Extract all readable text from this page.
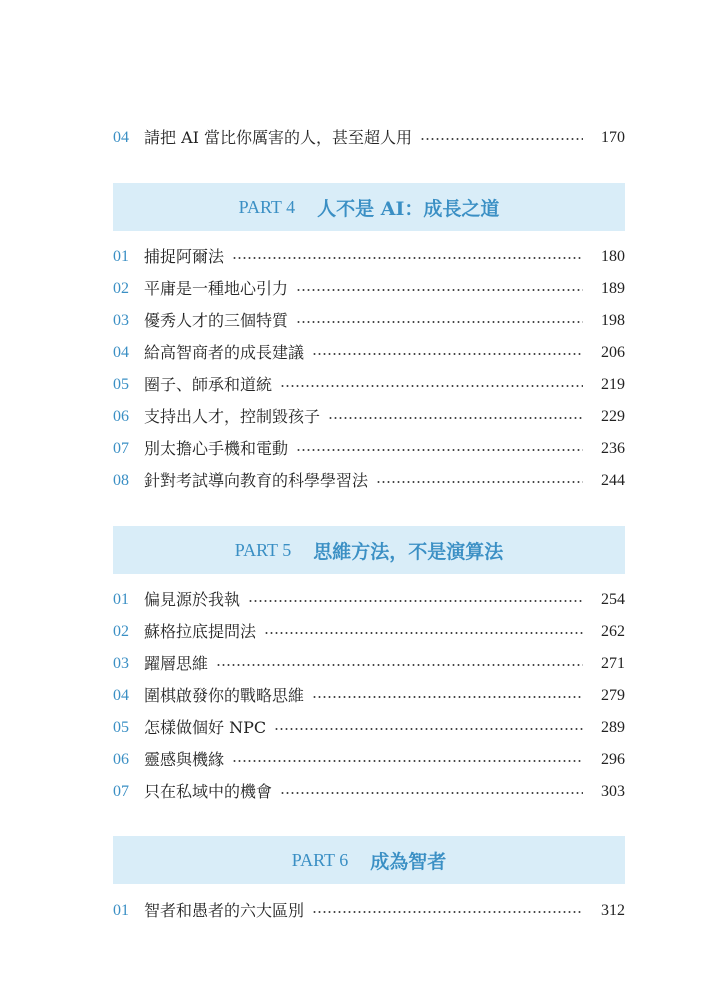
04 請把 AI 當比你厲害的人，甚至超人用	170
PART 4 人不是 AI：成長之道
01 捕捉阿爾法	180
02 平庸是一種地心引力	189
03 優秀人才的三個特質	198
04 給高智商者的成長建議	206
05 圈子、師承和道統	219
06 支持出人才，控制毀孩子	229
07 別太擔心手機和電動	236
08 針對考試導向教育的科學學習法	244
PART 5 思維方法，不是演算法
01 偏見源於我執	254
02 蘇格拉底提問法	262
03 躍層思維	271
04 圍棋啟發你的戰略思維	279
05 怎樣做個好 NPC	289
06 靈感與機緣	296
07 只在私域中的機會	303
PART 6 成為智者
01 智者和愚者的六大區別	312
